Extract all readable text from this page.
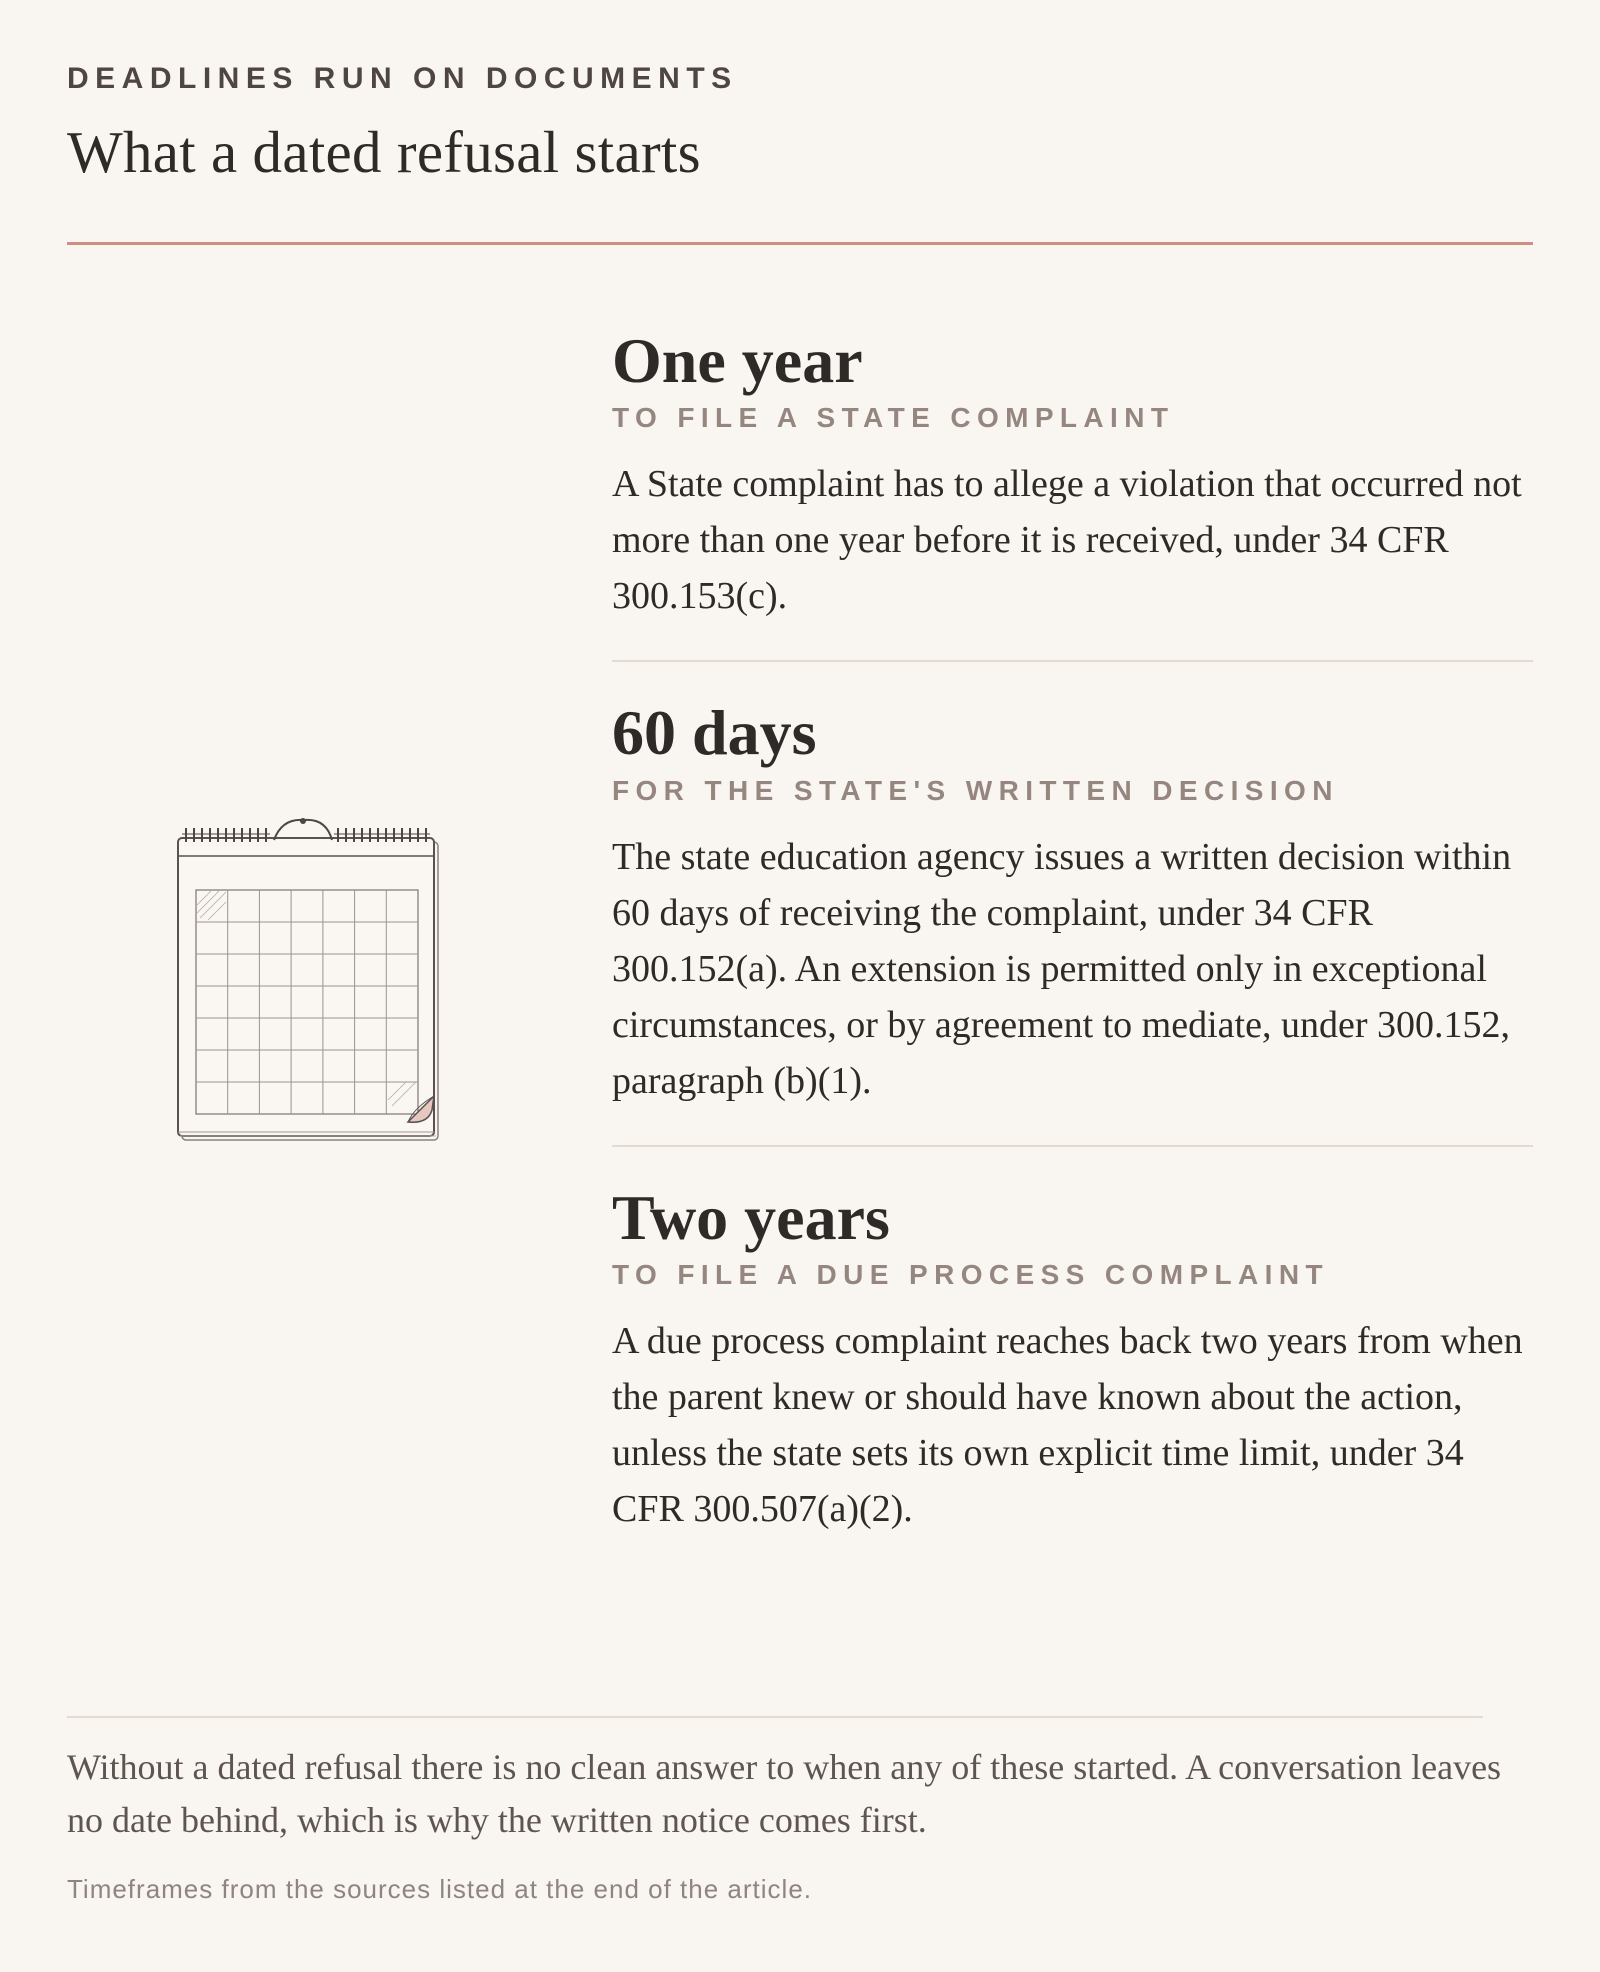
DEADLINES RUN ON DOCUMENTS
What a dated refusal starts
One year
TO FILE A STATE COMPLAINT
A State complaint has to allege a violation that occurred not more than one year before it is received, under 34 CFR 300.153(c).
60 days
FOR THE STATE'S WRITTEN DECISION
The state education agency issues a written decision within 60 days of receiving the complaint, under 34 CFR 300.152(a). An extension is permitted only in exceptional circumstances, or by agreement to mediate, under 300.152, paragraph (b)(1).
Two years
TO FILE A DUE PROCESS COMPLAINT
A due process complaint reaches back two years from when the parent knew or should have known about the action, unless the state sets its own explicit time limit, under 34 CFR 300.507(a)(2).
Without a dated refusal there is no clean answer to when any of these started. A conversation leaves no date behind, which is why the written notice comes first.
Timeframes from the sources listed at the end of the article.
